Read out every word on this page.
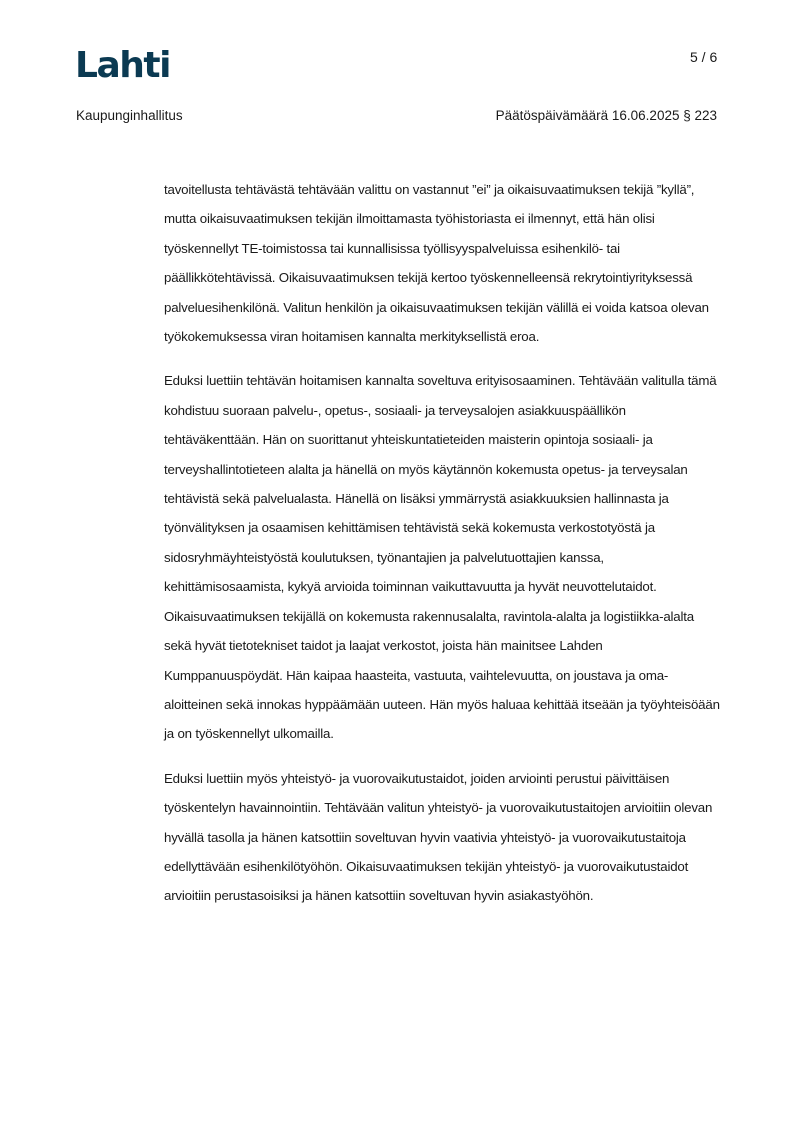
Lahti	5 / 6
Kaupunginhallitus	Päätöspäivämäärä 16.06.2025 § 223

tavoitellusta tehtävästä tehtävään valittu on vastannut ”ei” ja oikaisuvaatimuksen tekijä ”kyllä”, mutta oikaisuvaatimuksen tekijän ilmoittamasta työhistoriasta ei ilmennyt, että hän olisi työskennellyt TE-toimistossa tai kunnallisissa työllisyyspalveluissa esihenkilö- tai päällikkötehtävissä. Oikaisuvaatimuksen tekijä kertoo työskennelleensä rekrytointiyrityksessä palveluesihenkilönä. Valitun henkilön ja oikaisuvaatimuksen tekijän välillä ei voida katsoa olevan työkokemuksessa viran hoitamisen kannalta merkityksellistä eroa.

Eduksi luettiin tehtävän hoitamisen kannalta soveltuva erityisosaaminen. Tehtävään valitulla tämä kohdistuu suoraan palvelu-, opetus-, sosiaali- ja terveysalojen asiakkuuspäällikön tehtäväkenttään. Hän on suorittanut yhteiskuntatieteiden maisterin opintoja sosiaali- ja terveyshallintotieteen alalta ja hänellä on myös käytännön kokemusta opetus- ja terveysalan tehtävistä sekä palvelualasta. Hänellä on lisäksi ymmärrystä asiakkuuksien hallinnasta ja työnvälityksen ja osaamisen kehittämisen tehtävistä sekä kokemusta verkostotyöstä ja sidosryhmäyhteistyöstä koulutuksen, työnantajien ja palvelutuottajien kanssa, kehittämisosaamista, kykyä arvioida toiminnan vaikuttavuutta ja hyvät neuvottelutaidot. Oikaisuvaatimuksen tekijällä on kokemusta rakennusalalta, ravintola-alalta ja logistiikka-alalta sekä hyvät tietotekniset taidot ja laajat verkostot, joista hän mainitsee Lahden Kumppanuuspöydät. Hän kaipaa haasteita, vastuuta, vaihtelevuutta, on joustava ja oma-aloitteinen sekä innokas hyppäämään uuteen. Hän myös haluaa kehittää itseään ja työyhteisöään ja on työskennellyt ulkomailla.

Eduksi luettiin myös yhteistyö- ja vuorovaikutustaidot, joiden arviointi perustui päivittäisen työskentelyn havainnointiin. Tehtävään valitun yhteistyö- ja vuorovaikutustaitojen arvioitiin olevan hyvällä tasolla ja hänen katsottiin soveltuvan hyvin vaativia yhteistyö- ja vuorovaikutustaitoja edellyttävään esihenkilötyöhön. Oikaisuvaatimuksen tekijän yhteistyö- ja vuorovaikutustaidot arvioitiin perustasoisiksi ja hänen katsottiin soveltuvan hyvin asiakastyöhön.
